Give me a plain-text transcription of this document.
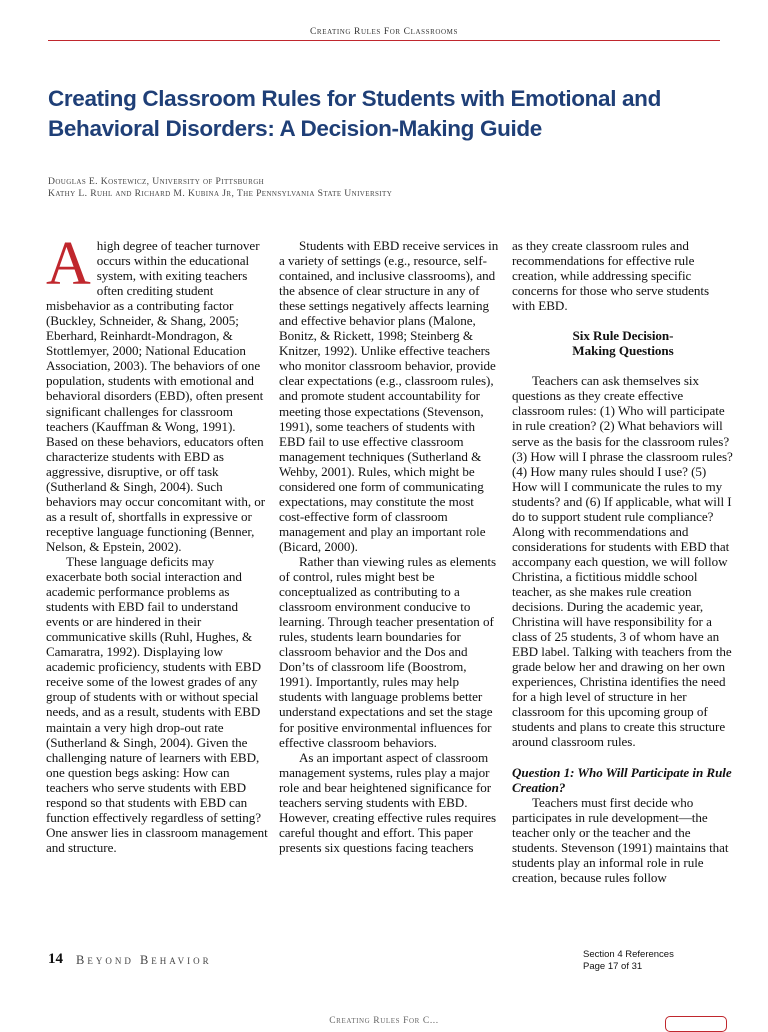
Creating Rules For Classrooms
Creating Classroom Rules for Students with Emotional and Behavioral Disorders: A Decision-Making Guide
Douglas E. Kostewicz, University of Pittsburgh
Kathy L. Ruhl and Richard M. Kubina Jr, The Pennsylvania State University

Ahigh degree of teacher turnover occurs within the educational system, with exiting teachers often crediting student misbehavior as a contributing factor (Buckley, Schneider, & Shang, 2005; Eberhard, Reinhardt-Mondragon, & Stottlemyer, 2000; National Education Association, 2003). The behaviors of one population, students with emotional and behavioral disorders (EBD), often present significant challenges for classroom teachers (Kauffman & Wong, 1991). Based on these behaviors, educators often characterize students with EBD as aggressive, disruptive, or off task (Sutherland & Singh, 2004). Such behaviors may occur concomitant with, or as a result of, shortfalls in expressive or receptive language functioning (Benner, Nelson, & Epstein, 2002).

These language deficits may exacerbate both social interaction and academic performance problems as students with EBD fail to understand events or are hindered in their communicative skills (Ruhl, Hughes, & Camaratra, 1992). Displaying low academic proficiency, students with EBD receive some of the lowest grades of any group of students with or without special needs, and as a result, students with EBD maintain a very high drop-out rate (Sutherland & Singh, 2004). Given the challenging nature of learners with EBD, one question begs asking: How can teachers who serve students with EBD respond so that students with EBD can function effectively regardless of setting? One answer lies in classroom management and structure.

Students with EBD receive services in a variety of settings (e.g., resource, self-contained, and inclusive classrooms), and the absence of clear structure in any of these settings negatively affects learning and effective behavior plans (Malone, Bonitz, & Rickett, 1998; Steinberg & Knitzer, 1992). Unlike effective teachers who monitor classroom behavior, provide clear expectations (e.g., classroom rules), and promote student accountability for meeting those expectations (Stevenson, 1991), some teachers of students with EBD fail to use effective classroom management techniques (Sutherland & Wehby, 2001). Rules, which might be considered one form of communicating expectations, may constitute the most cost-effective form of classroom management and play an important role (Bicard, 2000).

Rather than viewing rules as elements of control, rules might best be conceptualized as contributing to a classroom environment conducive to learning. Through teacher presentation of rules, students learn boundaries for classroom behavior and the Dos and Don’ts of classroom life (Boostrom, 1991). Importantly, rules may help students with language problems better understand expectations and set the stage for positive environmental influences for effective classroom behaviors.

As an important aspect of classroom management systems, rules play a major role and bear heightened significance for teachers serving students with EBD. However, creating effective rules requires careful thought and effort. This paper presents six questions facing teachers

as they create classroom rules and recommendations for effective rule creation, while addressing specific concerns for those who serve students with EBD.

Six Rule Decision-Making Questions

Teachers can ask themselves six questions as they create effective classroom rules: (1) Who will participate in rule creation? (2) What behaviors will serve as the basis for the classroom rules? (3) How will I phrase the classroom rules? (4) How many rules should I use? (5) How will I communicate the rules to my students? and (6) If applicable, what will I do to support student rule compliance? Along with recommendations and considerations for students with EBD that accompany each question, we will follow Christina, a fictitious middle school teacher, as she makes rule creation decisions. During the academic year, Christina will have responsibility for a class of 25 students, 3 of whom have an EBD label. Talking with teachers from the grade below her and drawing on her own experiences, Christina identifies the need for a high level of structure in her classroom for this upcoming group of students and plans to create this structure around classroom rules.

Question 1: Who Will Participate in Rule Creation?

Teachers must first decide who participates in rule development—the teacher only or the teacher and the students. Stevenson (1991) maintains that students play an informal role in rule creation, because rules follow

14 Beyond Behavior	Section 4 References
Page 17 of 31
Creating Rules For C...
